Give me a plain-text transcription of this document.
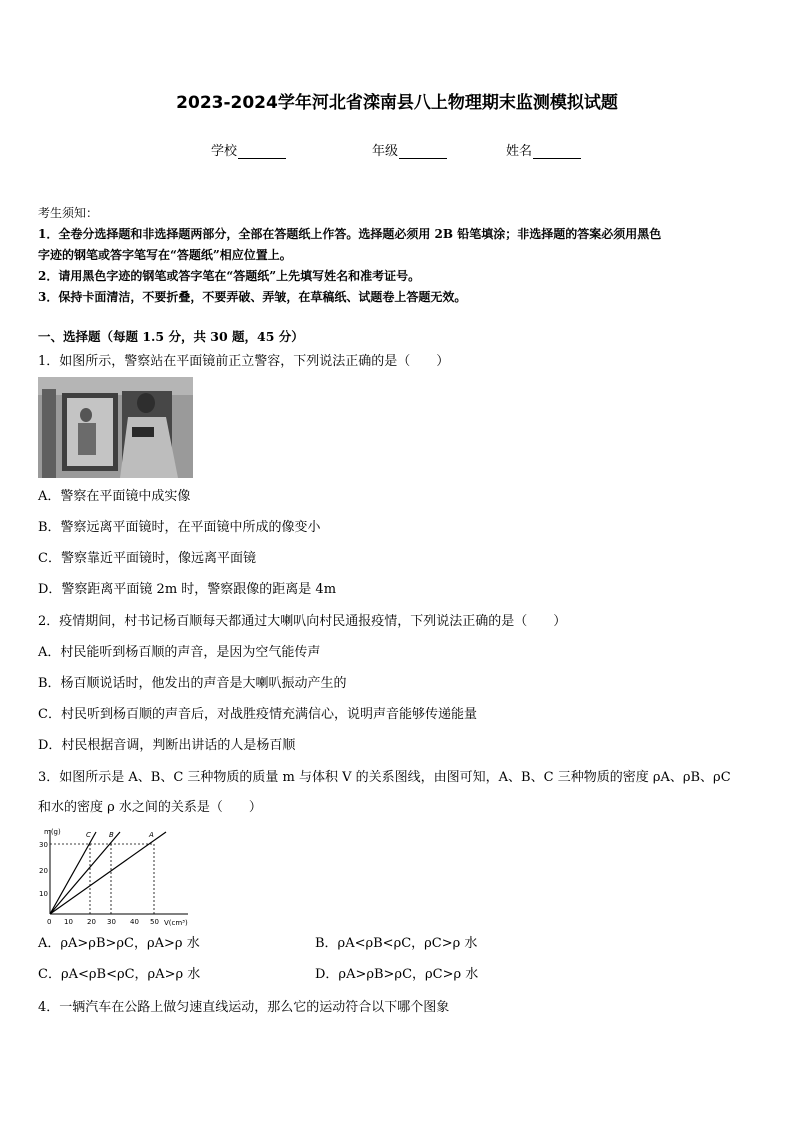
2023-2024学年河北省滦南县八上物理期末监测模拟试题
学校	年级	姓名
考生须知：
1．全卷分选择题和非选择题两部分，全部在答题纸上作答。选择题必须用 2B 铅笔填涂；非选择题的答案必须用黑色
字迹的钢笔或答字笔写在“答题纸”相应位置上。
2．请用黑色字迹的钢笔或答字笔在“答题纸”上先填写姓名和准考证号。
3．保持卡面清洁，不要折叠，不要弄破、弄皱，在草稿纸、试题卷上答题无效。
一、选择题（每题 1.5 分，共 30 题，45 分）
1．如图所示，警察站在平面镜前正立警容，下列说法正确的是（　　）
A．警察在平面镜中成实像
B．警察远离平面镜时，在平面镜中所成的像变小
C．警察靠近平面镜时，像远离平面镜
D．警察距离平面镜 2m 时，警察跟像的距离是 4m
2．疫情期间，村书记杨百顺每天都通过大喇叭向村民通报疫情，下列说法正确的是（　　）
A．村民能听到杨百顺的声音，是因为空气能传声
B．杨百顺说话时，他发出的声音是大喇叭振动产生的
C．村民听到杨百顺的声音后，对战胜疫情充满信心，说明声音能够传递能量
D．村民根据音调，判断出讲话的人是杨百顺
3．如图所示是 A、B、C 三种物质的质量 m 与体积 V 的关系图线，由图可知，A、B、C 三种物质的密度 ρA、ρB、ρC
和水的密度 ρ 水之间的关系是（　　）
m(g)
V(cm³)
30
20
10
0 10 20 30 40 50
C	B	A
A．ρA>ρB>ρC，ρA>ρ 水	B．ρA<ρB<ρC，ρC>ρ 水
C．ρA<ρB<ρC，ρA>ρ 水	D．ρA>ρB>ρC，ρC>ρ 水
4．一辆汽车在公路上做匀速直线运动，那么它的运动符合以下哪个图象
